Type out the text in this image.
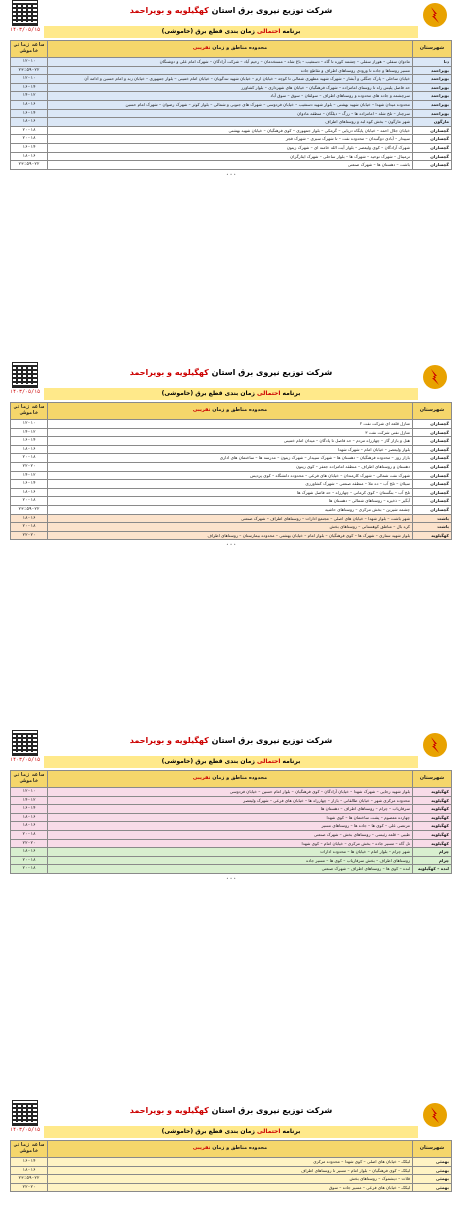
۱۴۰۳/۰۵/۱۵
شرکت توزیع نیروی برق استان کهگیلویه و بویراحمد
برنامه احتمالی زمان بندی قطع برق (خاموشی)
ساعت زمانی خاموشی	محدوده مناطق و زمان تقریبی	شهرستان
۱۲-۱۰	مادوان سفلی – هوراز سفلی – چشمه کوره تا گاه – دستغیب – باغ شاه – مستخدمان – رحیم آباد – شرکت آزادگان – شهرک امام علی و دوشنگان	دنا
۲۳:۵۹-۲۲	مسیر روستاها و جاده تا ورودی روستاهای اطراف و تقاطع جاده	بویراحمد
۱۲-۱۰	خیابان ساحلی – پارک جنگلی و آبشار – شهرک شهید مطهری شمالی تا کوچه – خیابان ارم – خیابان شهید تندگویان – خیابان امام خمینی – بلوار جمهوری – خیابان زند و امام حسین و ادامه آن	بویراحمد
۱۶-۱۴	حد فاصل پلیس راه تا روستای امامزاده – شهرک فرهنگیان – خیابان های شهرداری – بلوار کشاورز	بویراحمد
۱۴-۱۲	سرچشمه و جاده های محدوده و روستاهای اطراف – سولقان – سوق – سوق آباد	بویراحمد
۱۸-۱۶	محدوده میدان شهدا – خیابان شهید بهشتی – بلوار شهید دستغیب – خیابان فردوسی – شهرک های جنوبی و شمالی – بلوار کوثر – شهرک رضوان – شهرک امام حسین	بویراحمد
۱۶-۱۴	سرچنار – تلخ شله – امامزاده ها – رزگ – دیلگان – منطقه مادوان	بویراحمد
۱۸-۱۶	شهر مارگون – بخش کوه لبه و روستاهای اطراف	مارگون
۲۰-۱۸	خیابان جلال احمد – خیابان پایگاه دریایی – گرمکی – بلوار جمهوری – کوی فرهنگیان – خیابان شهید بهشتی	گچساران
۲۰-۱۸	سپیدار – آبادی دوگنبدان – محدوده نفت – تا شهرک سبزی – شهرک فجر	گچساران
۱۶-۱۴	شهرک آزادگان – کوی ولیعصر – بلوار آیت الله خامنه ای – شهرک زیتون	گچساران
۱۸-۱۶	ترمینال – شهرک توحید – شهرک ها – بلوار ساحلی – شهرک ایثارگران	گچساران
۲۳:۵۹-۲۲	باشت – دهستان ها – شهرک صنعتی	گچساران
• • •
۱۴۰۳/۰۵/۱۵
شرکت توزیع نیروی برق استان کهگیلویه و بویراحمد
برنامه احتمالی زمان بندی قطع برق (خاموشی)
ساعت زمانی خاموشی	محدوده مناطق و زمان تقریبی	شهرستان
۱۲-۱۰	منازل قلعه ای شرکت نفت ۲	گچساران
۱۴-۱۲	منازل نفتی شرکت نفت ۳	گچساران
۱۶-۱۴	هتل و بازار گاز – چهارراه مردم – حد فاصل تا پادگان – میدان امام خمینی	گچساران
۱۸-۱۶	بلوار ولیعصر – خیابان امام – شهرک شهدا	گچساران
۲۰-۱۸	بازار روز – محدوده فرهنگیان – دهستان ها – شهرک سپیدار – شهرک زیتون – مدرسه ها – ساختمان های اداری	گچساران
۲۲-۲۰	دهستان و روستاهای اطراف – منطقه امامزاده جعفر – کوی زیتون	گچساران
۱۴-۱۲	شهرک نفت شمالی – شهرک کارمندان – خیابان های فرعی – محدوده دانشگاه – کوی پردیس	گچساران
۱۶-۱۴	سیلان – تلخ آب – ده ملا – منطقه صنعتی – شهرک کشاورزی	گچساران
۱۸-۱۶	تلخ آب – بنگستان – کوی کرمانی – چهارراه – حد فاصل شهرک ها	گچساران
۲۰-۱۸	آبگیر – ذخیره – روستاهای شمالی – دهستان ها	گچساران
۲۳:۵۹-۲۲	چشمه شیرین – بخش مرکزی – روستاهای حاشیه	گچساران
۱۸-۱۶	شهر باشت – بلوار شهدا – خیابان های اصلی – مجتمع ادارات – روستاهای اطراف – شهرک صنعتی	باشت
۲۰-۱۸	کره بال – مناطق کوهستانی – روستاهای بخش	باشت
۲۲-۲۰	بلوار شهید ستاری – شهرک ها – کوی فرهنگیان – بلوار امام – خیابان بهشتی – محدوده بیمارستان – روستاهای اطراف	کهگیلویه
• • •
۱۴۰۳/۰۵/۱۵
شرکت توزیع نیروی برق استان کهگیلویه و بویراحمد
برنامه احتمالی زمان بندی قطع برق (خاموشی)
ساعت زمانی خاموشی	محدوده مناطق و زمان تقریبی	شهرستان
۱۲-۱۰	بلوار شهید رجایی – شهرک شهدا – خیابان آزادگان – کوی فرهنگیان – بلوار امام حسین – خیابان فردوسی	کهگیلویه
۱۴-۱۲	محدوده مرکزی شهر – خیابان طالقانی – بازار – چهارراه ها – خیابان های فرعی – شهرک ولیعصر	کهگیلویه
۱۶-۱۴	سرفاریاب – چرام – روستاهای اطراف – دهستان ها	کهگیلویه
۱۸-۱۶	چهارده معصوم – پشت ساختمان ها – کوی شهدا	کهگیلویه
۱۸-۱۶	مرتضی علی – کوی ها – جاده ها – روستاهای مسیر	کهگیلویه
۲۰-۱۸	طیبی – قلعه رئیسی – روستاهای بخش – شهرک صنعتی	کهگیلویه
۲۲-۲۰	تل گاه – مسیر جاده – بخش مرکزی – خیابان امام – کوی شهدا	کهگیلویه
۱۸-۱۶	شهر چرام – بلوار امام – خیابان ها – محدوده ادارات	چرام
۲۰-۱۸	روستاهای اطراف – بخش سرفاریاب – کوی ها – مسیر جاده	چرام
۲۰-۱۸	لنده – کوی ها – روستاهای اطراف – شهرک صنعتی	لنده – کهگیلویه
• • •
۱۴۰۳/۰۵/۱۵
شرکت توزیع نیروی برق استان کهگیلویه و بویراحمد
برنامه احتمالی زمان بندی قطع برق (خاموشی)
ساعت زمانی خاموشی	محدوده مناطق و زمان تقریبی	شهرستان
۱۶-۱۴	لیکک – خیابان های اصلی – کوی شهدا – محدوده مرکزی	بهمئی
۱۸-۱۶	لیکک – کوی فرهنگیان – بلوار امام – مسیر تا روستاهای اطراف	بهمئی
۲۳:۵۹-۲۲	قلات – دیشموک – روستاهای بخش	بهمئی
۲۲-۲۰	لیکک – خیابان های فرعی – مسیر جاده – سوق	بهمئی
